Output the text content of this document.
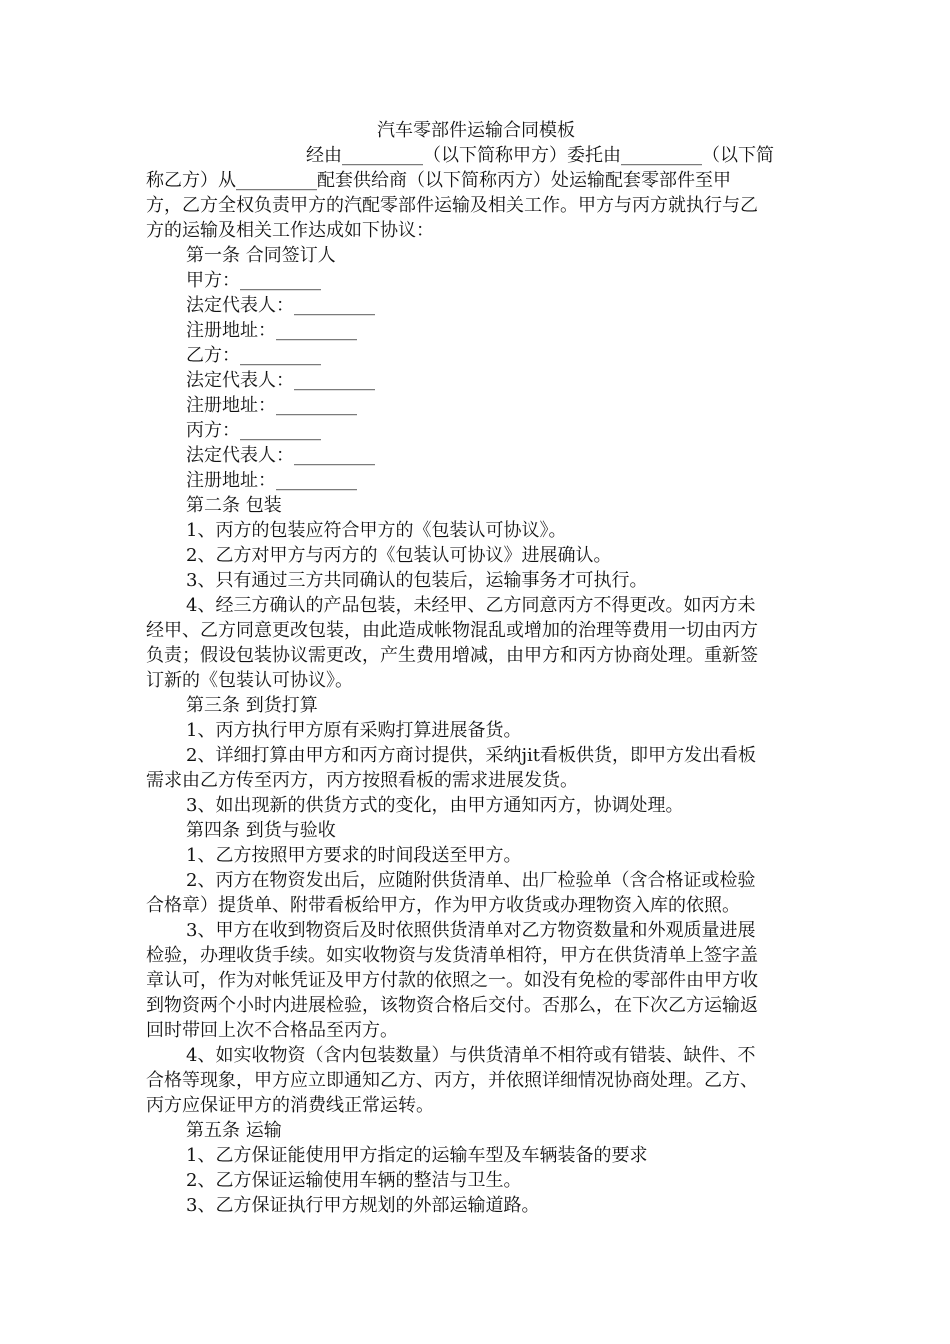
汽车零部件运输合同模板
经由_________（以下简称甲方）委托由_________（以下简
称乙方）从_________配套供给商（以下简称丙方）处运输配套零部件至甲
方，乙方全权负责甲方的汽配零部件运输及相关工作。甲方与丙方就执行与乙
方的运输及相关工作达成如下协议：
第一条 合同签订人
甲方：_________
法定代表人：_________
注册地址：_________
乙方：_________
法定代表人：_________
注册地址：_________
丙方：_________
法定代表人：_________
注册地址：_________
第二条 包装
1、丙方的包装应符合甲方的《包装认可协议》。
2、乙方对甲方与丙方的《包装认可协议》进展确认。
3、只有通过三方共同确认的包装后，运输事务才可执行。
4、经三方确认的产品包装，未经甲、乙方同意丙方不得更改。如丙方未
经甲、乙方同意更改包装，由此造成帐物混乱或增加的治理等费用一切由丙方
负责；假设包装协议需更改，产生费用增减，由甲方和丙方协商处理。重新签
订新的《包装认可协议》。
第三条 到货打算
1、丙方执行甲方原有采购打算进展备货。
2、详细打算由甲方和丙方商讨提供，采纳jit看板供货，即甲方发出看板
需求由乙方传至丙方，丙方按照看板的需求进展发货。
3、如出现新的供货方式的变化，由甲方通知丙方，协调处理。
第四条 到货与验收
1、乙方按照甲方要求的时间段送至甲方。
2、丙方在物资发出后，应随附供货清单、出厂检验单（含合格证或检验
合格章）提货单、附带看板给甲方，作为甲方收货或办理物资入库的依照。
3、甲方在收到物资后及时依照供货清单对乙方物资数量和外观质量进展
检验，办理收货手续。如实收物资与发货清单相符，甲方在供货清单上签字盖
章认可，作为对帐凭证及甲方付款的依照之一。如没有免检的零部件由甲方收
到物资两个小时内进展检验，该物资合格后交付。否那么，在下次乙方运输返
回时带回上次不合格品至丙方。
4、如实收物资（含内包装数量）与供货清单不相符或有错装、缺件、不
合格等现象，甲方应立即通知乙方、丙方，并依照详细情况协商处理。乙方、
丙方应保证甲方的消费线正常运转。
第五条 运输
1、乙方保证能使用甲方指定的运输车型及车辆装备的要求
2、乙方保证运输使用车辆的整洁与卫生。
3、乙方保证执行甲方规划的外部运输道路。
